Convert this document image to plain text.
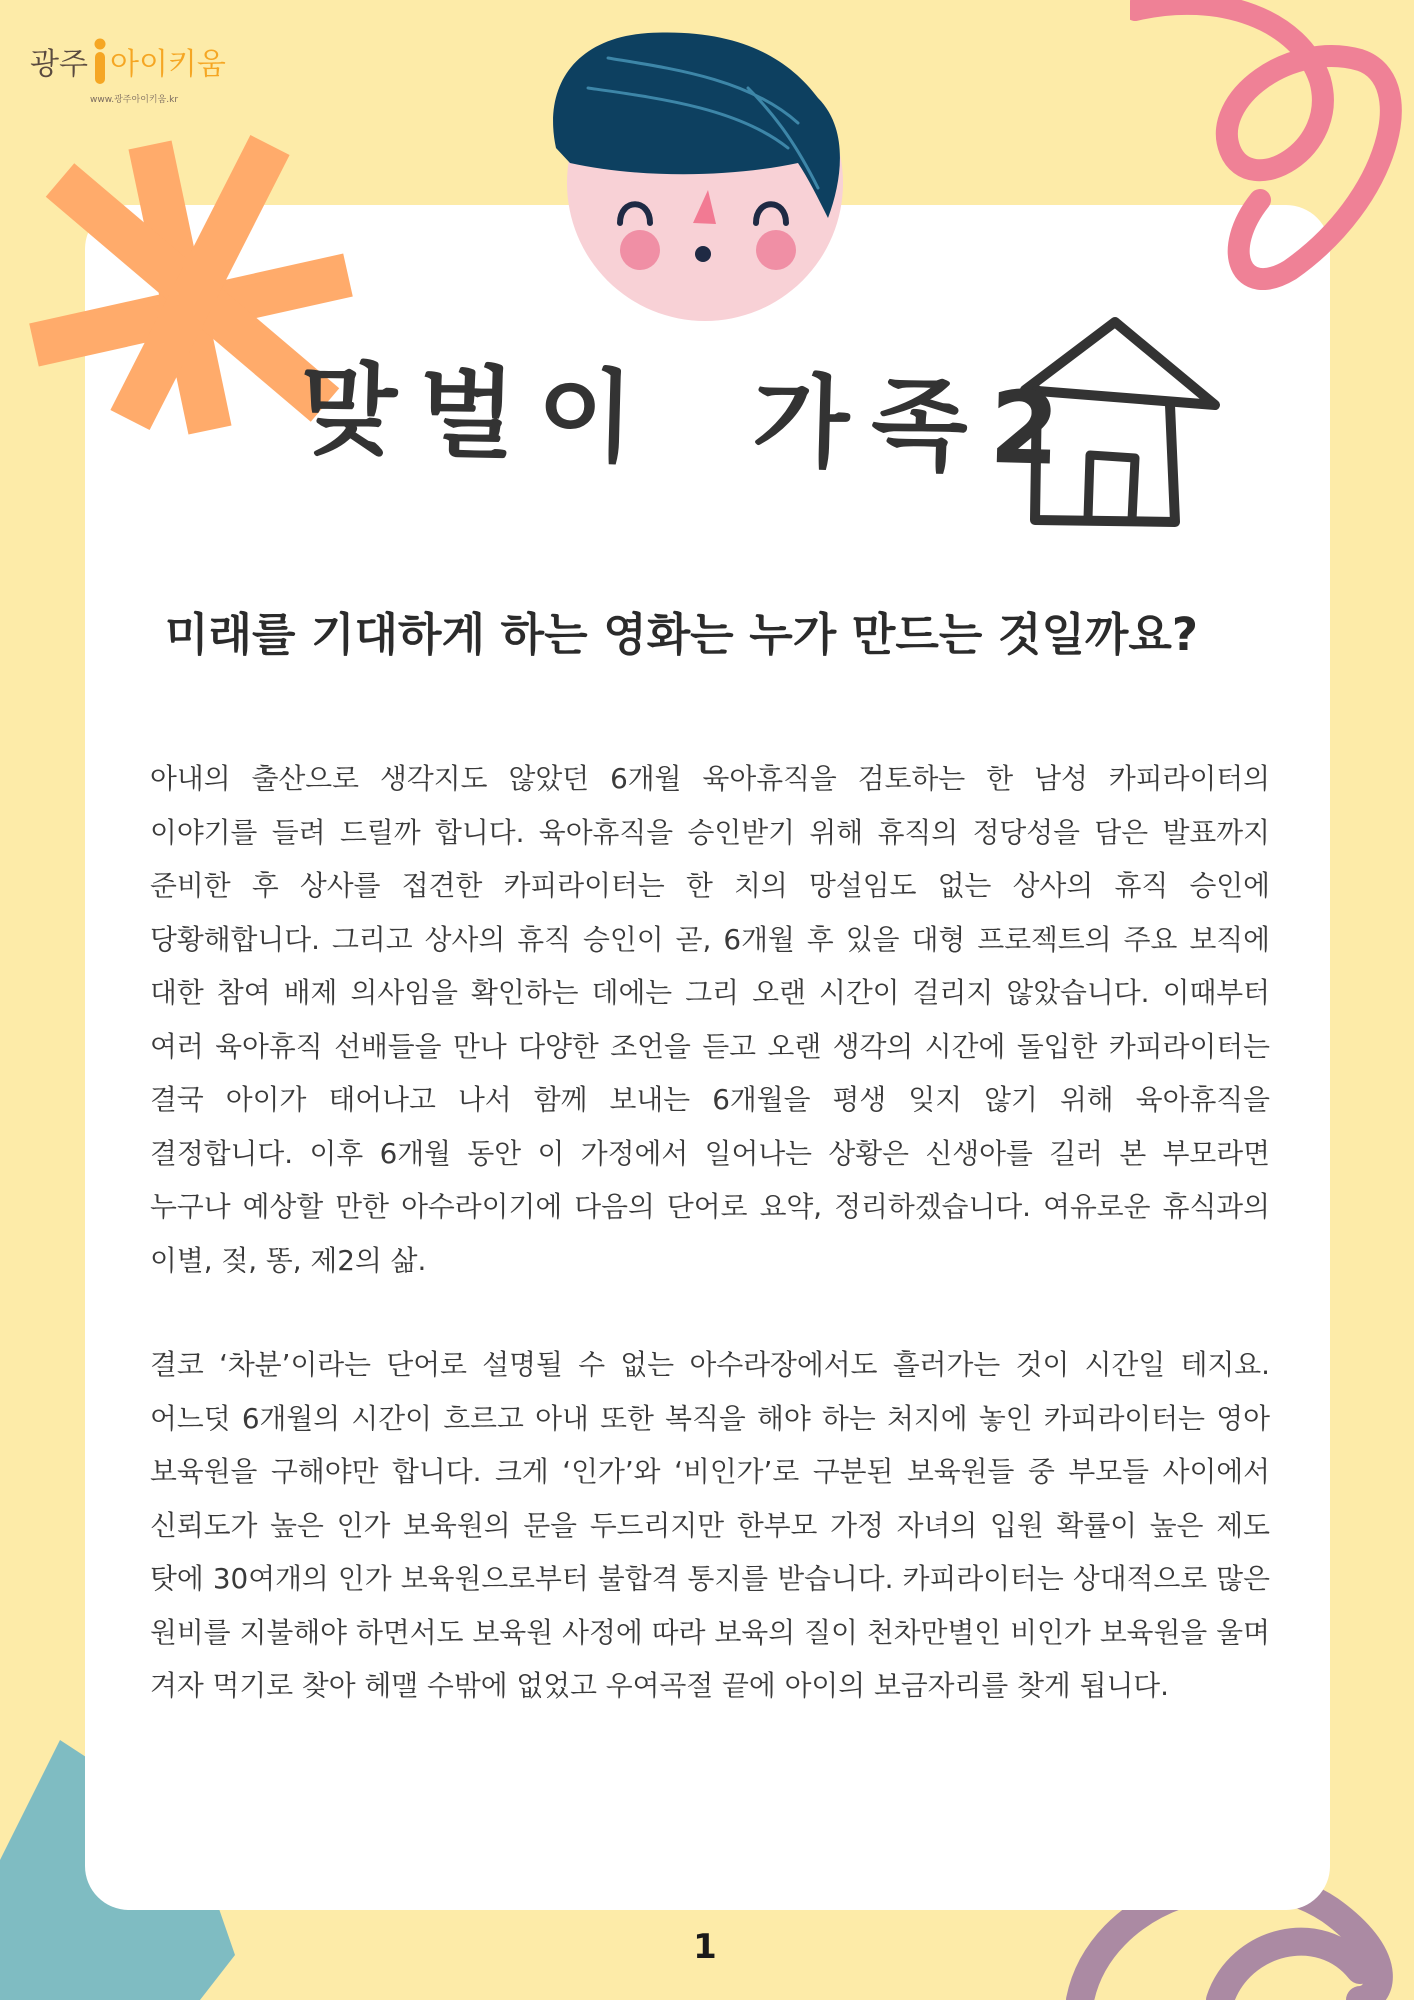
광주 아이키움
www.광주아이키움.kr
맞벌이 가족2
미래를 기대하게 하는 영화는 누가 만드는 것일까요?

아내의 출산으로 생각지도 않았던 6개월 육아휴직을 검토하는 한 남성 카피라이터의 이야기를 들려 드릴까 합니다. 육아휴직을 승인받기 위해 휴직의 정당성을 담은 발표까지 준비한 후 상사를 접견한 카피라이터는 한 치의 망설임도 없는 상사의 휴직 승인에 당황해합니다. 그리고 상사의 휴직 승인이 곧, 6개월 후 있을 대형 프로젝트의 주요 보직에 대한 참여 배제 의사임을 확인하는 데에는 그리 오랜 시간이 걸리지 않았습니다. 이때부터 여러 육아휴직 선배들을 만나 다양한 조언을 듣고 오랜 생각의 시간에 돌입한 카피라이터는 결국 아이가 태어나고 나서 함께 보내는 6개월을 평생 잊지 않기 위해 육아휴직을 결정합니다. 이후 6개월 동안 이 가정에서 일어나는 상황은 신생아를 길러 본 부모라면 누구나 예상할 만한 아수라이기에 다음의 단어로 요약, 정리하겠습니다. 여유로운 휴식과의 이별, 젖, 똥, 제2의 삶.

결코 ‘차분’이라는 단어로 설명될 수 없는 아수라장에서도 흘러가는 것이 시간일 테지요. 어느덧 6개월의 시간이 흐르고 아내 또한 복직을 해야 하는 처지에 놓인 카피라이터는 영아 보육원을 구해야만 합니다. 크게 ‘인가’와 ‘비인가’로 구분된 보육원들 중 부모들 사이에서 신뢰도가 높은 인가 보육원의 문을 두드리지만 한부모 가정 자녀의 입원 확률이 높은 제도 탓에 30여개의 인가 보육원으로부터 불합격 통지를 받습니다. 카피라이터는 상대적으로 많은 원비를 지불해야 하면서도 보육원 사정에 따라 보육의 질이 천차만별인 비인가 보육원을 울며 겨자 먹기로 찾아 헤맬 수밖에 없었고 우여곡절 끝에 아이의 보금자리를 찾게 됩니다.

1
